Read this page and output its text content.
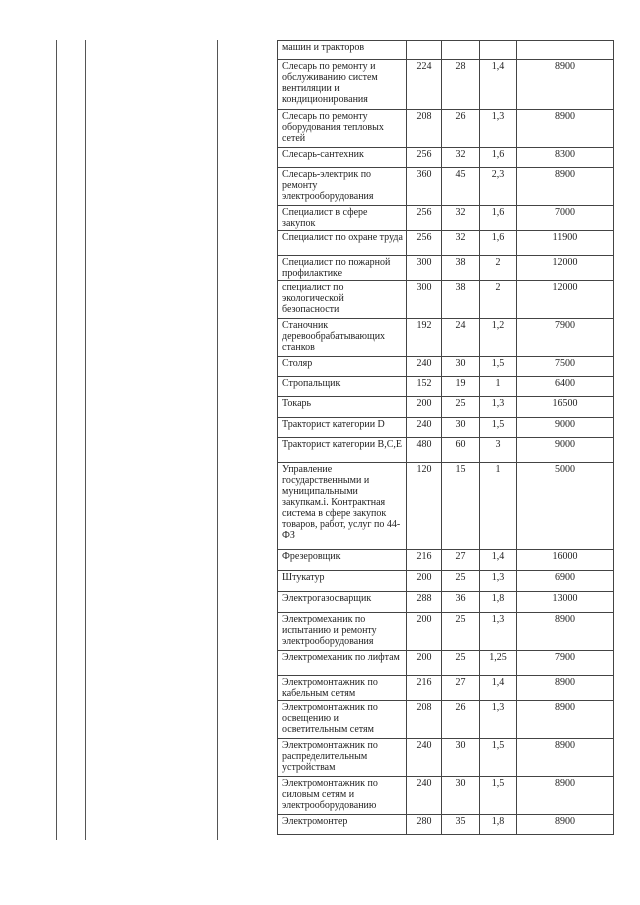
машин и тракторов				
Слесарь по ремонту и обслуживанию систем вентиляции и кондиционирования	224	28	1,4	8900
Слесарь по ремонту оборудования тепловых сетей	208	26	1,3	8900
Слесарь-сантехник	256	32	1,6	8300
Слесарь-электрик по ремонту электрооборудования	360	45	2,3	8900
Специалист в сфере закупок	256	32	1,6	7000
Специалист по охране труда	256	32	1,6	11900
Специалист по пожарной профилактике	300	38	2	12000
специалист по экологической безопасности	300	38	2	12000
Станочник деревообрабатывающих станков	192	24	1,2	7900
Столяр	240	30	1,5	7500
Стропальщик	152	19	1	6400
Токарь	200	25	1,3	16500
Тракторист категории D	240	30	1,5	9000
Тракторист категории В,С,Е	480	60	3	9000
Управление государственными и муниципальными закупкам.i. Контрактная система в сфере закупок товаров, работ, услуг по 44-ФЗ	120	15	1	5000
Фрезеровщик	216	27	1,4	16000
Штукатур	200	25	1,3	6900
Электрогазосварщик	288	36	1,8	13000
Электромеханик по испытанию и ремонту электрооборудования	200	25	1,3	8900
Электромеханик по лифтам	200	25	1,25	7900
Электромонтажник по кабельным сетям	216	27	1,4	8900
Электромонтажник по освещению и осветительным сетям	208	26	1,3	8900
Электромонтажник по распределительным устройствам	240	30	1,5	8900
Электромонтажник по силовым сетям и электрооборудованию	240	30	1,5	8900
Электромонтер	280	35	1,8	8900
